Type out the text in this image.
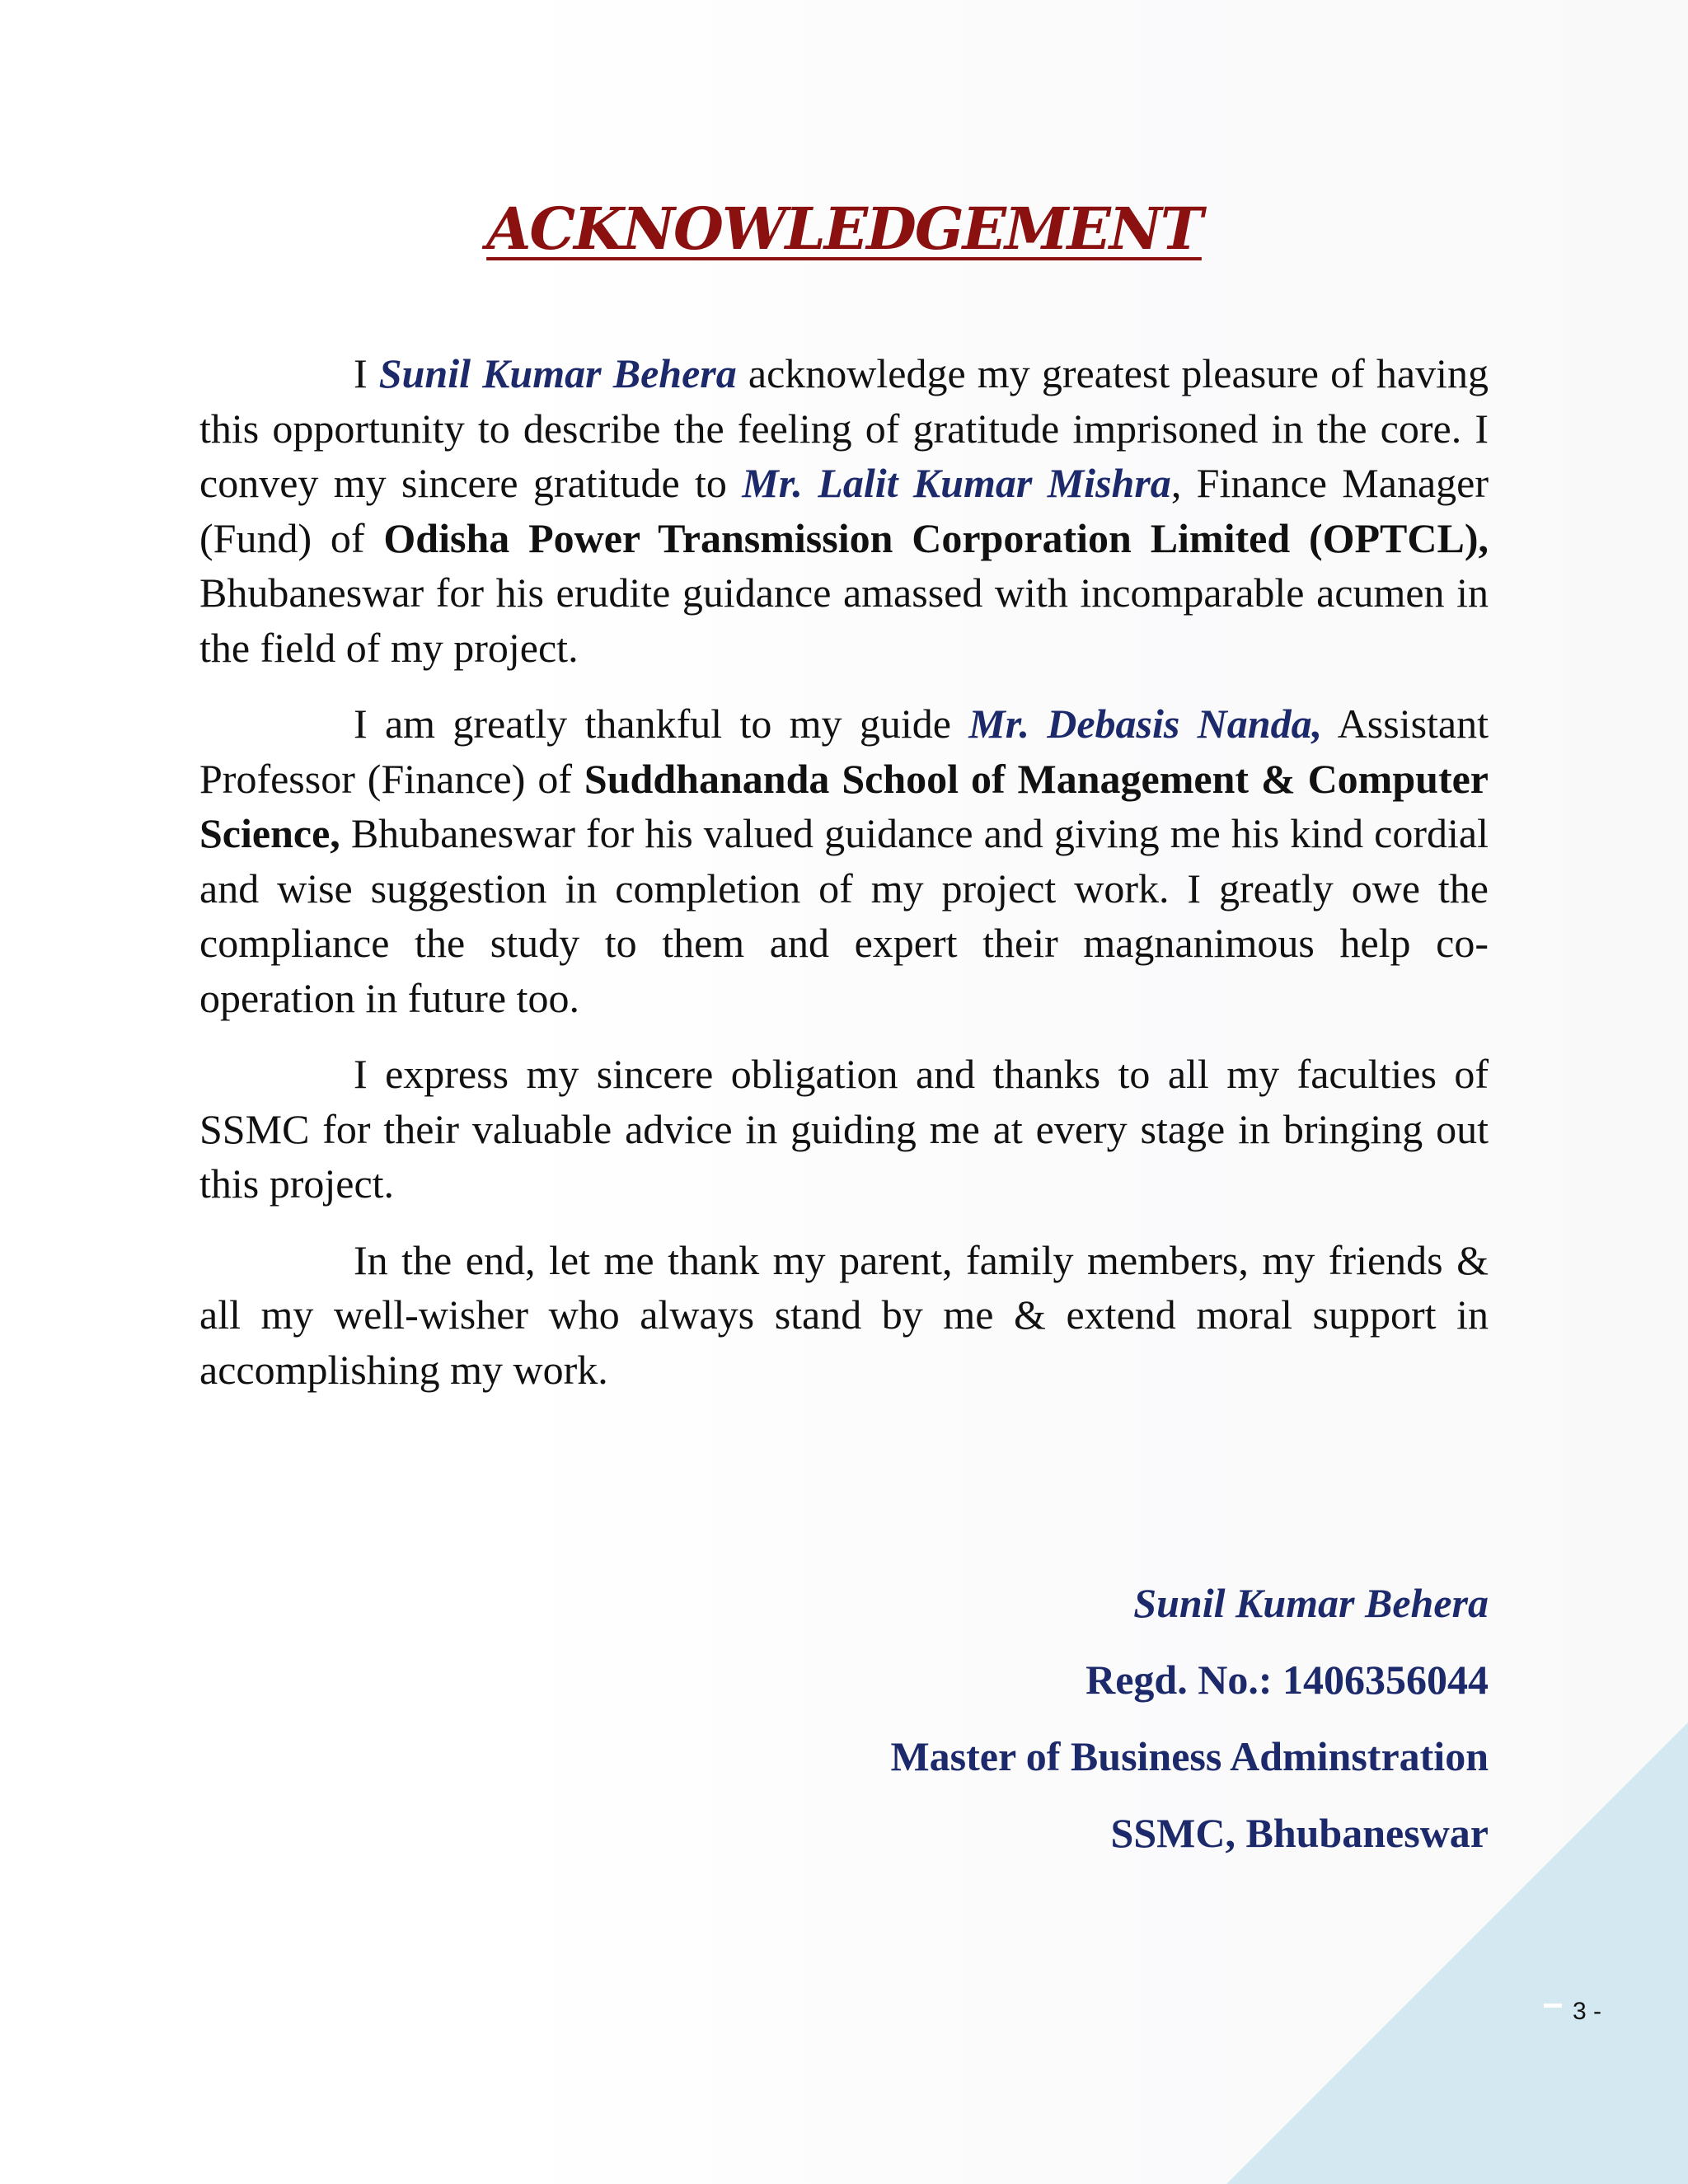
ACKNOWLEDGEMENT

I Sunil Kumar Behera acknowledge my greatest pleasure of having this opportunity to describe the feeling of gratitude imprisoned in the core. I convey my sincere gratitude to Mr. Lalit Kumar Mishra, Finance Manager (Fund) of Odisha Power Transmission Corporation Limited (OPTCL), Bhubaneswar for his erudite guidance amassed with incomparable acumen in the field of my project.

I am greatly thankful to my guide Mr. Debasis Nanda, Assistant Professor (Finance) of Suddhananda School of Management & Computer Science, Bhubaneswar for his valued guidance and giving me his kind cordial and wise suggestion in completion of my project work. I greatly owe the compliance the study to them and expert their magnanimous help co-operation in future too.

I express my sincere obligation and thanks to all my faculties of SSMC for their valuable advice in guiding me at every stage in bringing out this project.

In the end, let me thank my parent, family members, my friends & all my well-wisher who always stand by me & extend moral support in accomplishing my work.

Sunil Kumar Behera
Regd. No.: 1406356044
Master of Business Adminstration
SSMC, Bhubaneswar
3 -
